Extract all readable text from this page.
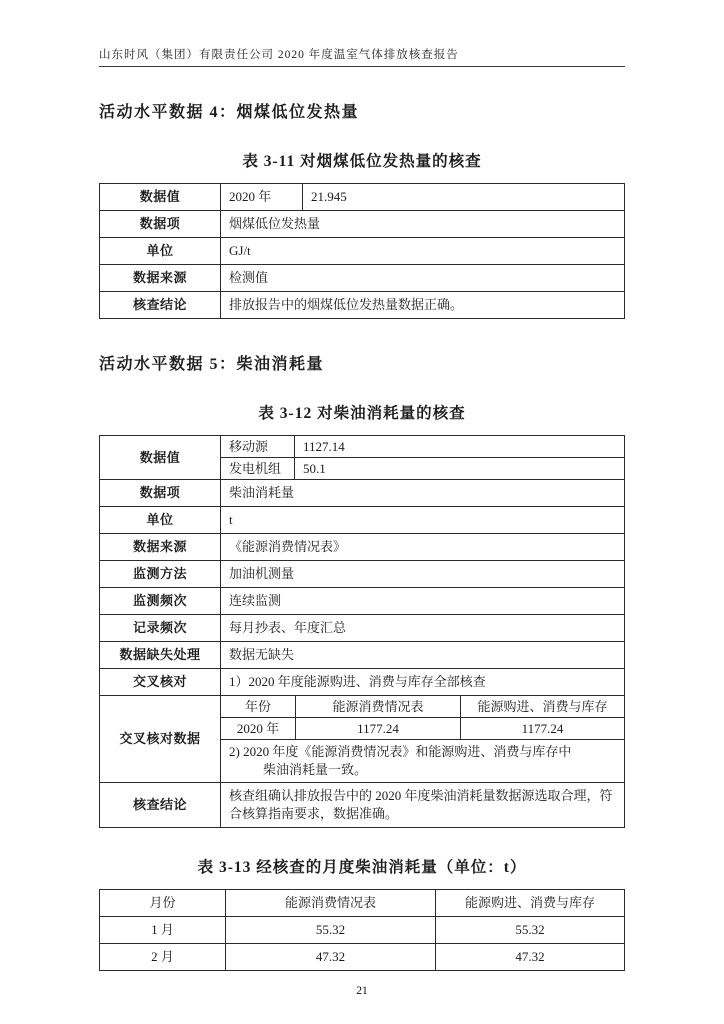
山东时风（集团）有限责任公司 2020 年度温室气体排放核查报告
活动水平数据 4：烟煤低位发热量
表 3-11 对烟煤低位发热量的核查
数据值	2020 年	21.945
数据项	烟煤低位发热量	
单位	GJ/t	
数据来源	检测值	
核查结论	排放报告中的烟煤低位发热量数据正确。	
活动水平数据 5：柴油消耗量
表 3-12 对柴油消耗量的核查
数据值	移动源	1127.14
	发电机组	50.1
数据项	柴油消耗量
单位	t
数据来源	《能源消费情况表》
监测方法	加油机测量
监测频次	连续监测
记录频次	每月抄表、年度汇总
数据缺失处理	数据无缺失
交叉核对	1）2020 年度能源购进、消费与库存全部核查
交叉核对数据	年份	能源消费情况表	能源购进、消费与库存
	2020 年	1177.24	1177.24

	2) 2020 年度《能源消费情况表》和能源购进、消费与库存中
柴油消耗量一致。		
核查结论	核查组确认排放报告中的 2020 年度柴油消耗量数据源选取合理，符合核算指南要求，数据准确。
表 3-13 经核查的月度柴油消耗量（单位：t）
月份	能源消费情况表	能源购进、消费与库存
1 月	55.32	55.32
2 月	47.32	47.32
21
